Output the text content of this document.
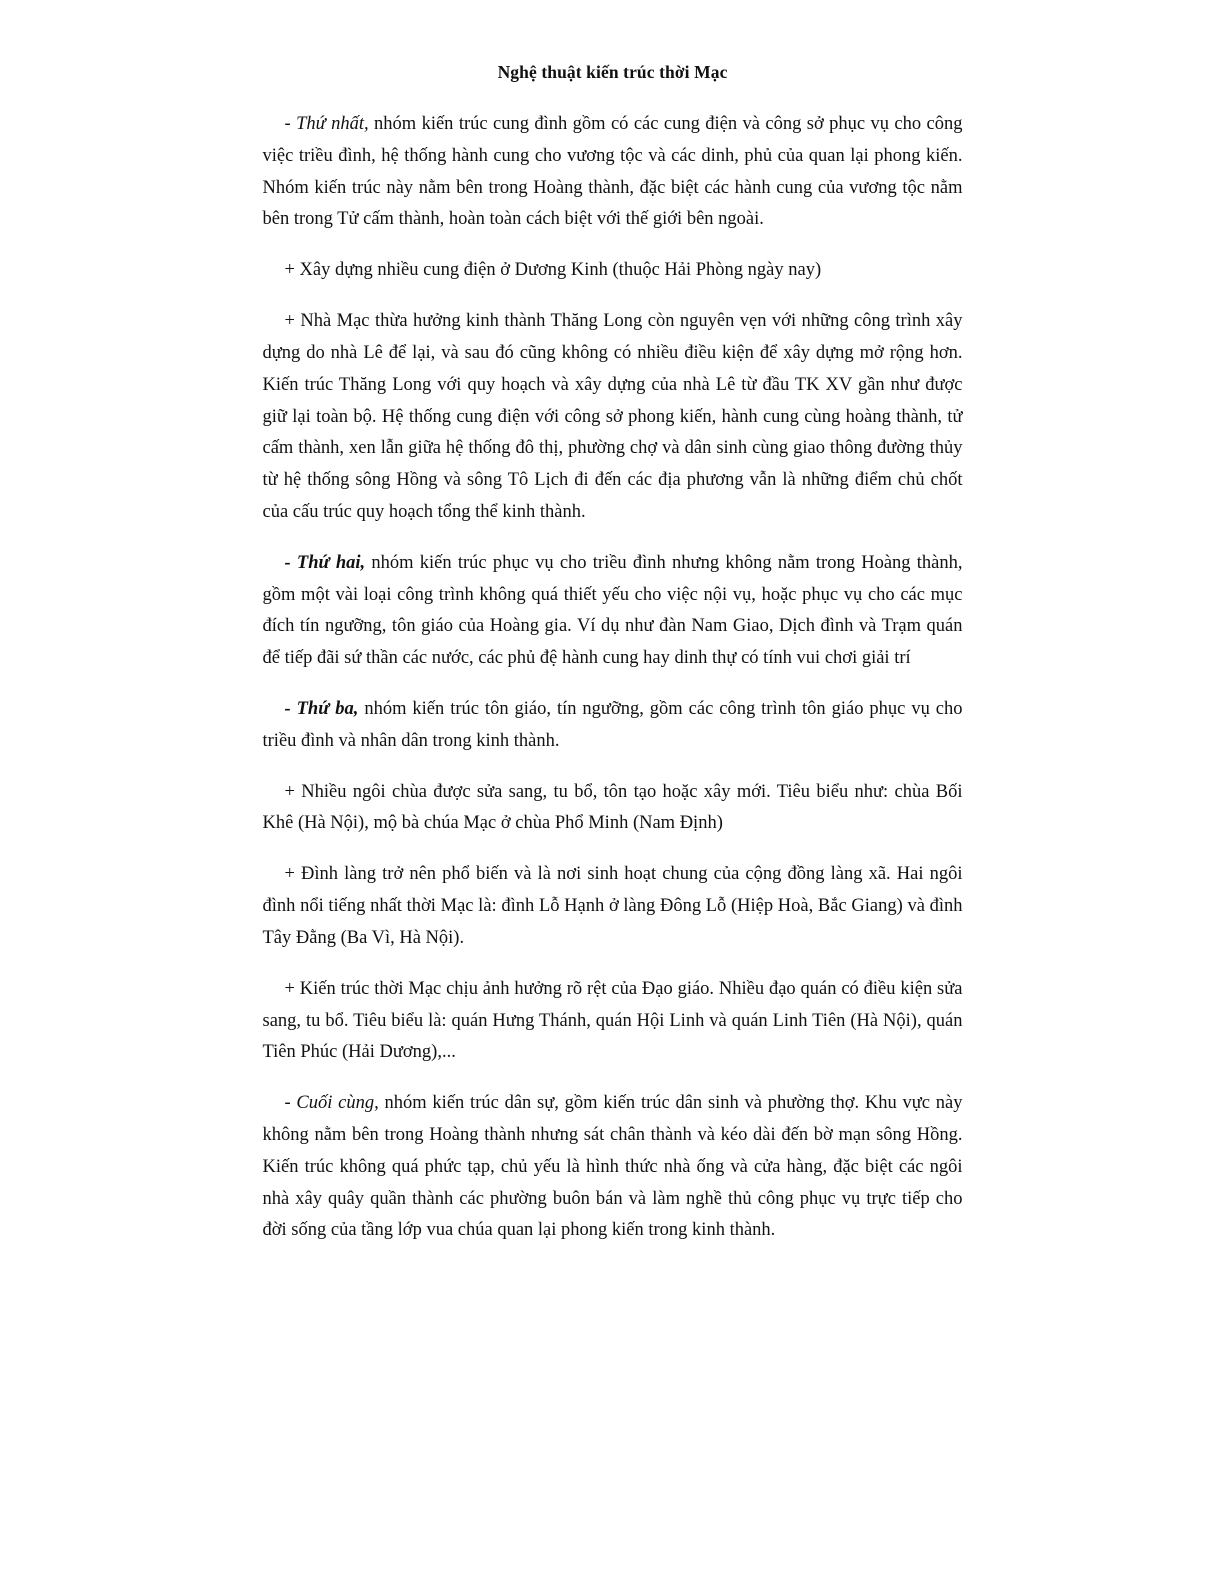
Nghệ thuật kiến trúc thời Mạc

- Thứ nhất, nhóm kiến trúc cung đình gồm có các cung điện và công sở phục vụ cho công việc triều đình, hệ thống hành cung cho vương tộc và các dinh, phủ của quan lại phong kiến. Nhóm kiến trúc này nằm bên trong Hoàng thành, đặc biệt các hành cung của vương tộc nằm bên trong Tử cấm thành, hoàn toàn cách biệt với thế giới bên ngoài.

+ Xây dựng nhiều cung điện ở Dương Kinh (thuộc Hải Phòng ngày nay)

+ Nhà Mạc thừa hưởng kinh thành Thăng Long còn nguyên vẹn với những công trình xây dựng do nhà Lê để lại, và sau đó cũng không có nhiều điều kiện để xây dựng mở rộng hơn. Kiến trúc Thăng Long với quy hoạch và xây dựng của nhà Lê từ đầu TK XV gần như được giữ lại toàn bộ. Hệ thống cung điện với công sở phong kiến, hành cung cùng hoàng thành, tử cấm thành, xen lẫn giữa hệ thống đô thị, phường chợ và dân sinh cùng giao thông đường thủy từ hệ thống sông Hồng và sông Tô Lịch đi đến các địa phương vẫn là những điểm chủ chốt của cấu trúc quy hoạch tổng thể kinh thành.

- Thứ hai, nhóm kiến trúc phục vụ cho triều đình nhưng không nằm trong Hoàng thành, gồm một vài loại công trình không quá thiết yếu cho việc nội vụ, hoặc phục vụ cho các mục đích tín ngưỡng, tôn giáo của Hoàng gia. Ví dụ như đàn Nam Giao, Dịch đình và Trạm quán để tiếp đãi sứ thần các nước, các phủ đệ hành cung hay dinh thự có tính vui chơi giải trí

- Thứ ba, nhóm kiến trúc tôn giáo, tín ngưỡng, gồm các công trình tôn giáo phục vụ cho triều đình và nhân dân trong kinh thành.

+ Nhiều ngôi chùa được sửa sang, tu bổ, tôn tạo hoặc xây mới. Tiêu biểu như: chùa Bối Khê (Hà Nội), mộ bà chúa Mạc ở chùa Phổ Minh (Nam Định)

+ Đình làng trở nên phổ biến và là nơi sinh hoạt chung của cộng đồng làng xã. Hai ngôi đình nổi tiếng nhất thời Mạc là: đình Lỗ Hạnh ở làng Đông Lỗ (Hiệp Hoà, Bắc Giang) và đình Tây Đằng (Ba Vì, Hà Nội).

+ Kiến trúc thời Mạc chịu ảnh hưởng rõ rệt của Đạo giáo. Nhiều đạo quán có điều kiện sửa sang, tu bổ. Tiêu biểu là: quán Hưng Thánh, quán Hội Linh và quán Linh Tiên (Hà Nội), quán Tiên Phúc (Hải Dương),...

- Cuối cùng, nhóm kiến trúc dân sự, gồm kiến trúc dân sinh và phường thợ. Khu vực này không nằm bên trong Hoàng thành nhưng sát chân thành và kéo dài đến bờ mạn sông Hồng. Kiến trúc không quá phức tạp, chủ yếu là hình thức nhà ống và cửa hàng, đặc biệt các ngôi nhà xây quây quần thành các phường buôn bán và làm nghề thủ công phục vụ trực tiếp cho đời sống của tầng lớp vua chúa quan lại phong kiến trong kinh thành.
